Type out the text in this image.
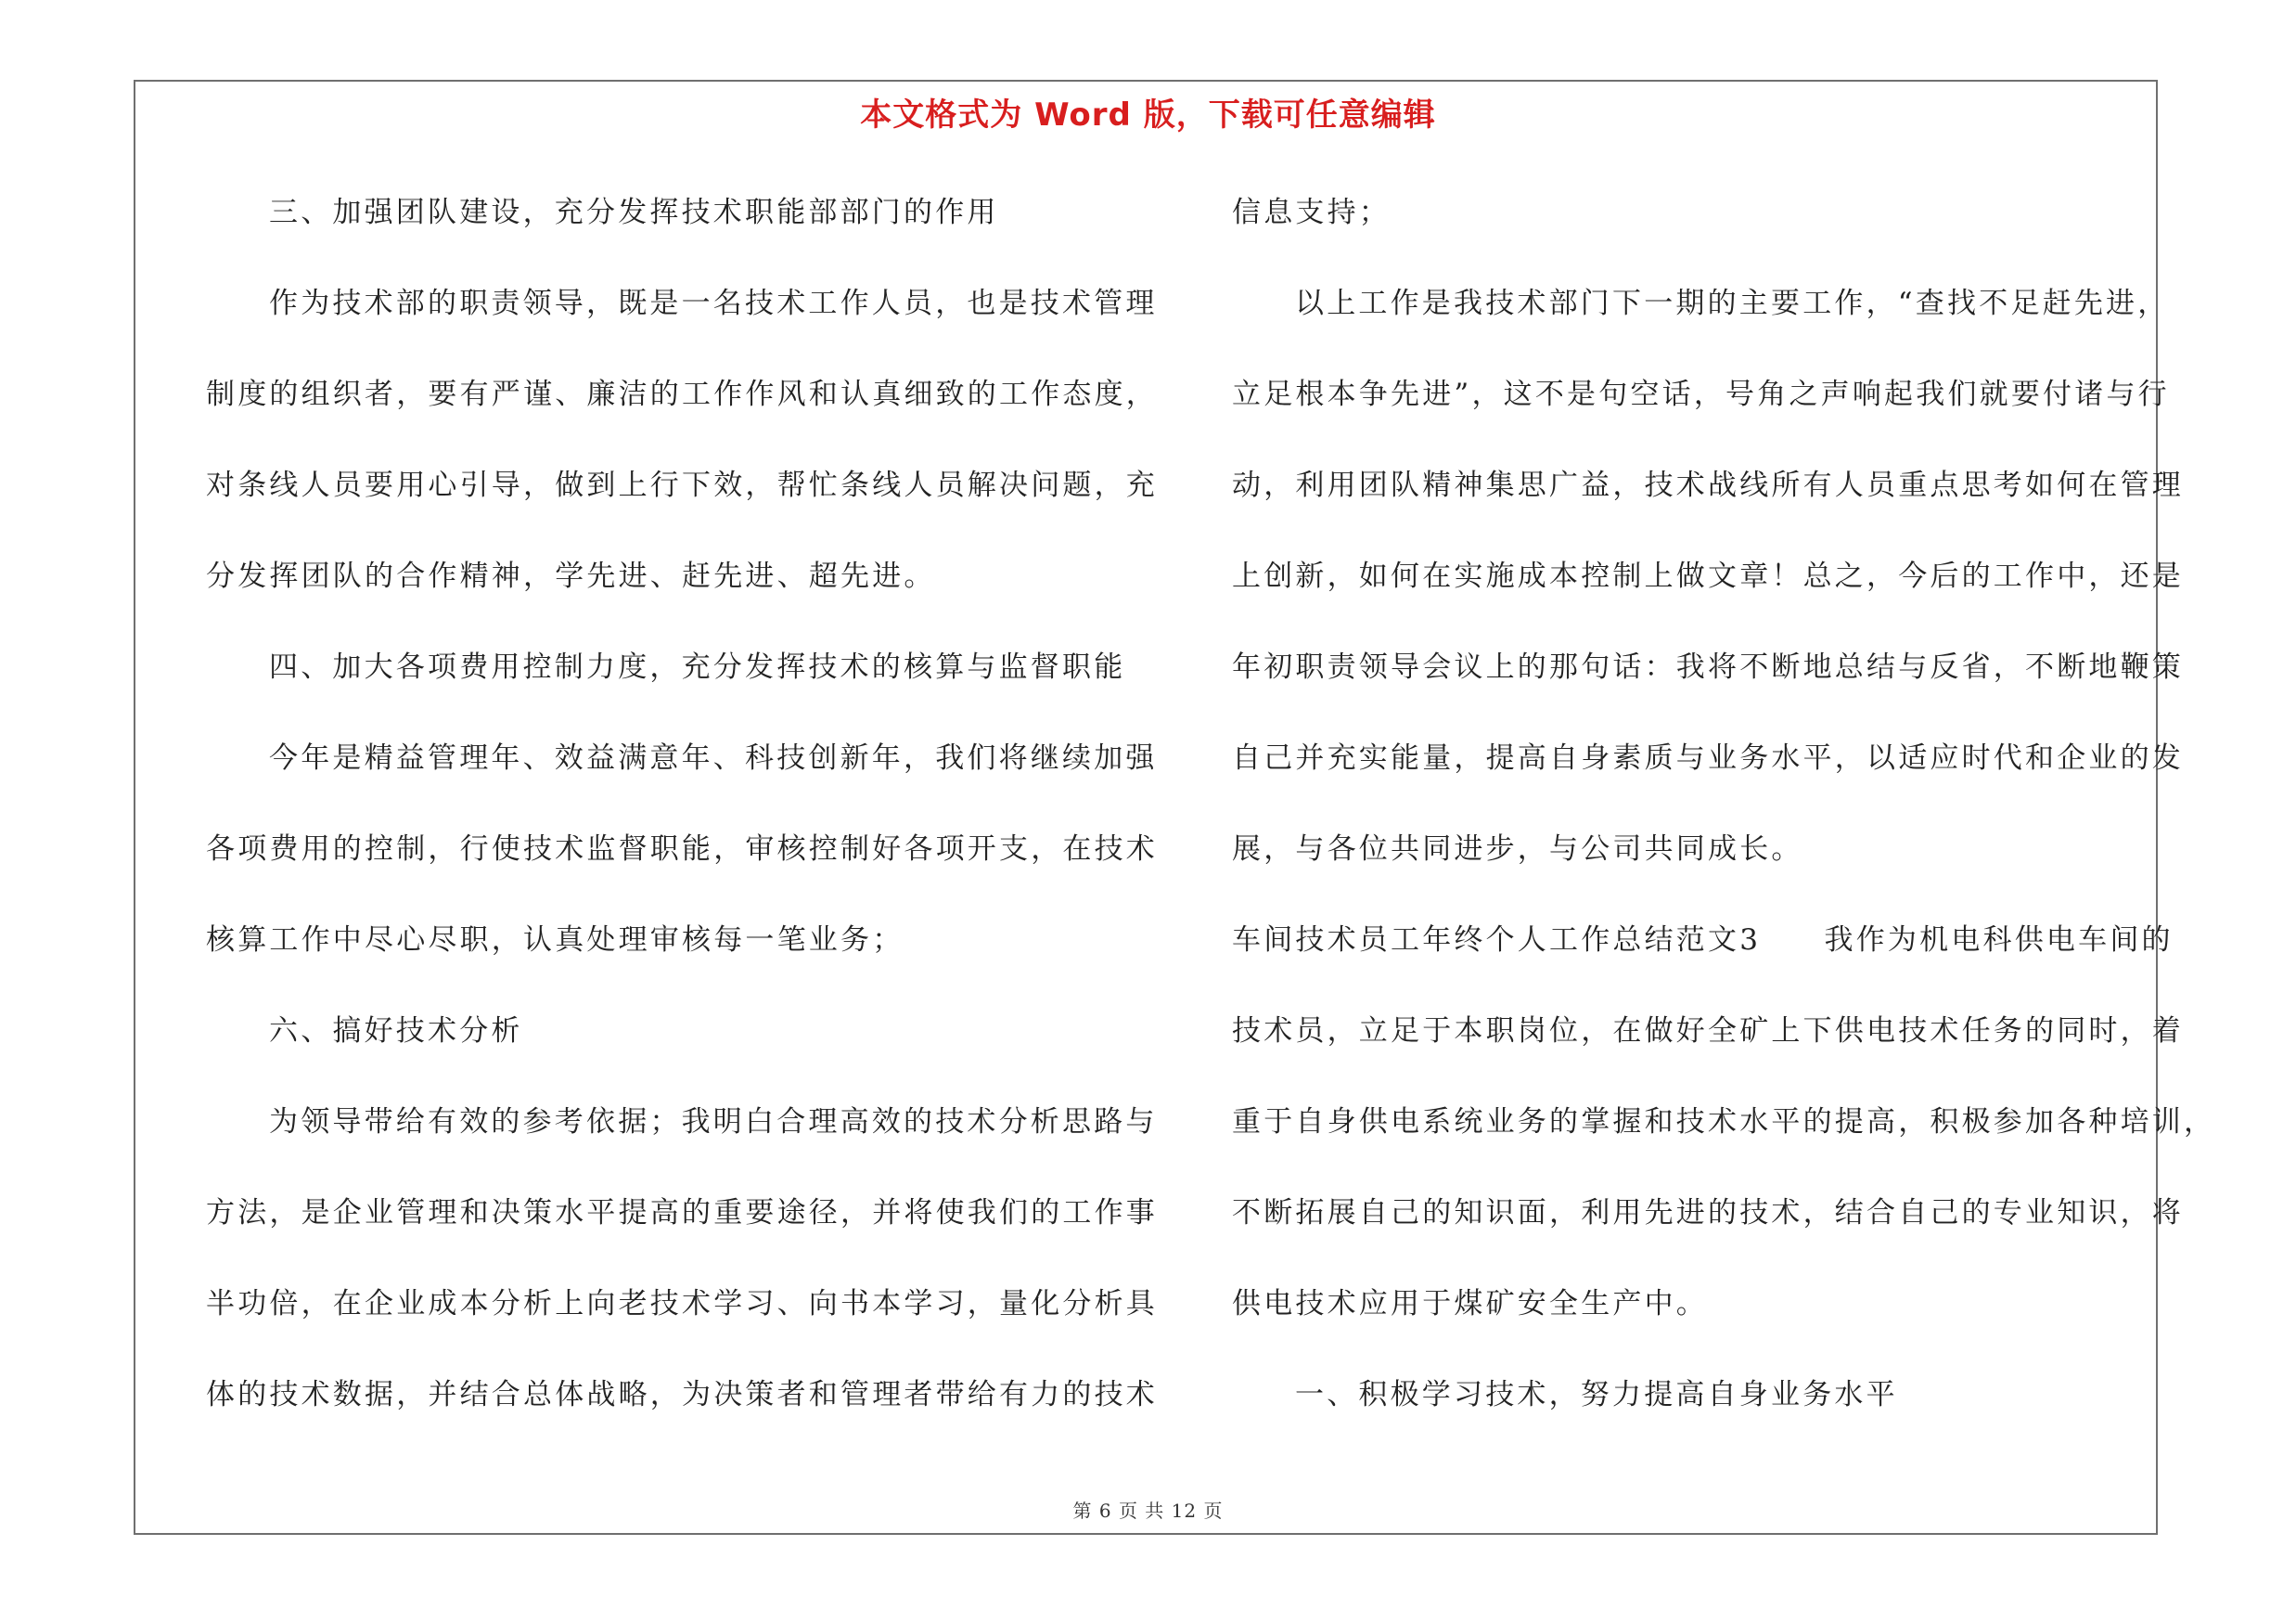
本文格式为 Word 版，下载可任意编辑
三、加强团队建设，充分发挥技术职能部部门的作用
作为技术部的职责领导，既是一名技术工作人员，也是技术管理
制度的组织者，要有严谨、廉洁的工作作风和认真细致的工作态度，
对条线人员要用心引导，做到上行下效，帮忙条线人员解决问题，充
分发挥团队的合作精神，学先进、赶先进、超先进。
四、加大各项费用控制力度，充分发挥技术的核算与监督职能
今年是精益管理年、效益满意年、科技创新年，我们将继续加强
各项费用的控制，行使技术监督职能，审核控制好各项开支，在技术
核算工作中尽心尽职，认真处理审核每一笔业务；
六、搞好技术分析
为领导带给有效的参考依据；我明白合理高效的技术分析思路与
方法，是企业管理和决策水平提高的重要途径，并将使我们的工作事
半功倍，在企业成本分析上向老技术学习、向书本学习，量化分析具
体的技术数据，并结合总体战略，为决策者和管理者带给有力的技术
信息支持；
以上工作是我技术部门下一期的主要工作，“查找不足赶先进，
立足根本争先进”，这不是句空话，号角之声响起我们就要付诸与行
动，利用团队精神集思广益，技术战线所有人员重点思考如何在管理
上创新，如何在实施成本控制上做文章！总之，今后的工作中，还是
年初职责领导会议上的那句话：我将不断地总结与反省，不断地鞭策
自己并充实能量，提高自身素质与业务水平，以适应时代和企业的发
展，与各位共同进步，与公司共同成长。
车间技术员工年终个人工作总结范文3　　我作为机电科供电车间的
技术员，立足于本职岗位，在做好全矿上下供电技术任务的同时，着
重于自身供电系统业务的掌握和技术水平的提高，积极参加各种培训，
不断拓展自己的知识面，利用先进的技术，结合自己的专业知识，将
供电技术应用于煤矿安全生产中。
一、积极学习技术，努力提高自身业务水平
第 6 页 共 12 页
